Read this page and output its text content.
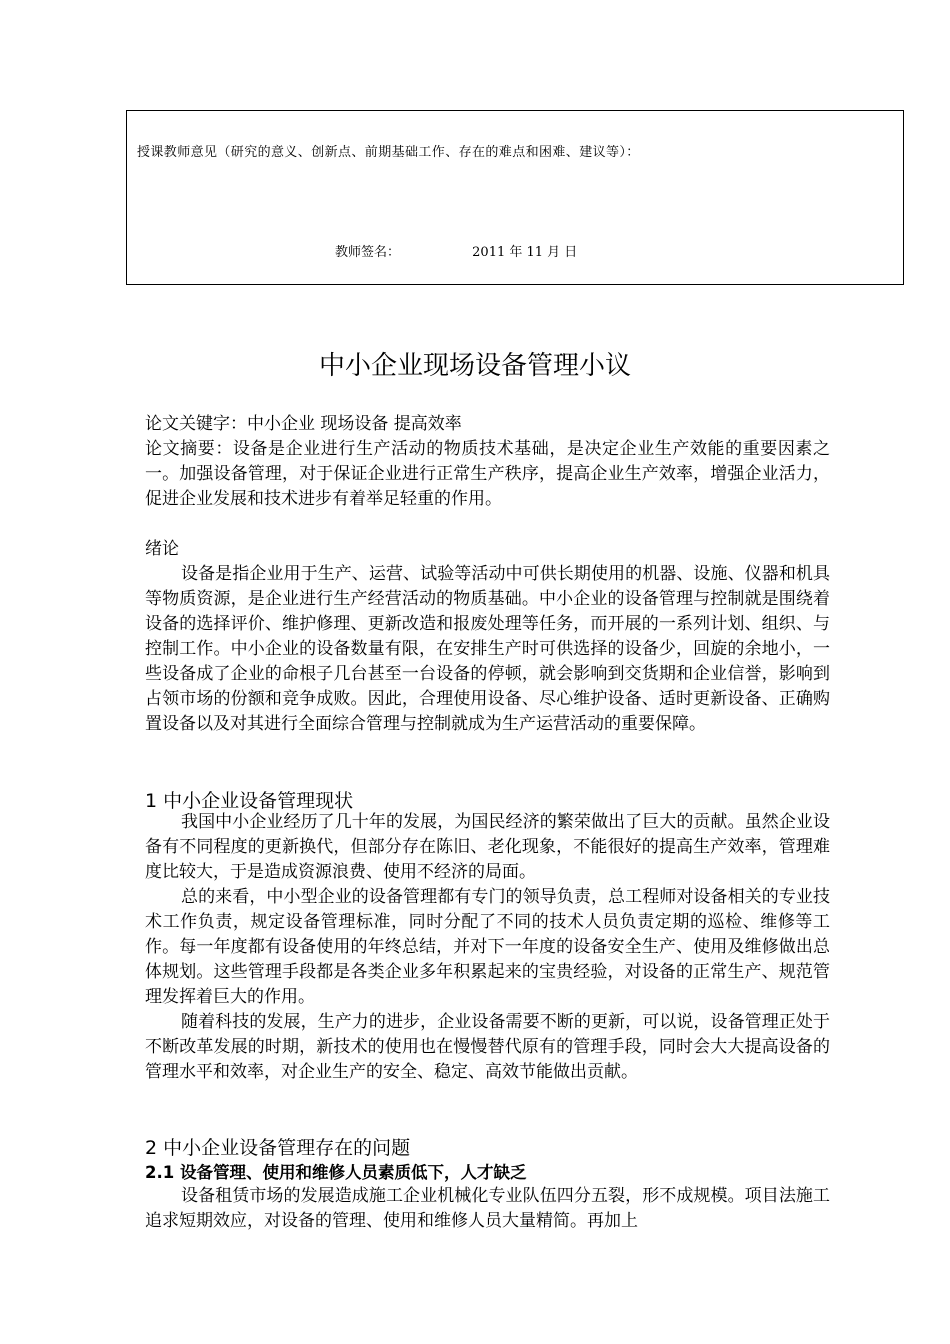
授课教师意见（研究的意义、创新点、前期基础工作、存在的难点和困难、建议等）：
教师签名：	2011 年 11 月 日
中小企业现场设备管理小议

论文关键字：中小企业 现场设备 提高效率

论文摘要：设备是企业进行生产活动的物质技术基础，是决定企业生产效能的重要因素之一。加强设备管理，对于保证企业进行正常生产秩序，提高企业生产效率，增强企业活力，促进企业发展和技术进步有着举足轻重的作用。

绪论

设备是指企业用于生产、运营、试验等活动中可供长期使用的机器、设施、仪器和机具等物质资源，是企业进行生产经营活动的物质基础。中小企业的设备管理与控制就是围绕着设备的选择评价、维护修理、更新改造和报废处理等任务，而开展的一系列计划、组织、与控制工作。中小企业的设备数量有限，在安排生产时可供选择的设备少，回旋的余地小，一些设备成了企业的命根子几台甚至一台设备的停顿，就会影响到交货期和企业信誉，影响到占领市场的份额和竞争成败。因此，合理使用设备、尽心维护设备、适时更新设备、正确购置设备以及对其进行全面综合管理与控制就成为生产运营活动的重要保障。

1 中小企业设备管理现状

我国中小企业经历了几十年的发展，为国民经济的繁荣做出了巨大的贡献。虽然企业设备有不同程度的更新换代，但部分存在陈旧、老化现象，不能很好的提高生产效率，管理难度比较大，于是造成资源浪费、使用不经济的局面。

总的来看，中小型企业的设备管理都有专门的领导负责，总工程师对设备相关的专业技术工作负责，规定设备管理标准，同时分配了不同的技术人员负责定期的巡检、维修等工作。每一年度都有设备使用的年终总结，并对下一年度的设备安全生产、使用及维修做出总体规划。这些管理手段都是各类企业多年积累起来的宝贵经验，对设备的正常生产、规范管理发挥着巨大的作用。

随着科技的发展，生产力的进步，企业设备需要不断的更新，可以说，设备管理正处于不断改革发展的时期，新技术的使用也在慢慢替代原有的管理手段，同时会大大提高设备的管理水平和效率，对企业生产的安全、稳定、高效节能做出贡献。

2 中小企业设备管理存在的问题
2.1 设备管理、使用和维修人员素质低下，人才缺乏

设备租赁市场的发展造成施工企业机械化专业队伍四分五裂，形不成规模。项目法施工追求短期效应，对设备的管理、使用和维修人员大量精简。再加上
